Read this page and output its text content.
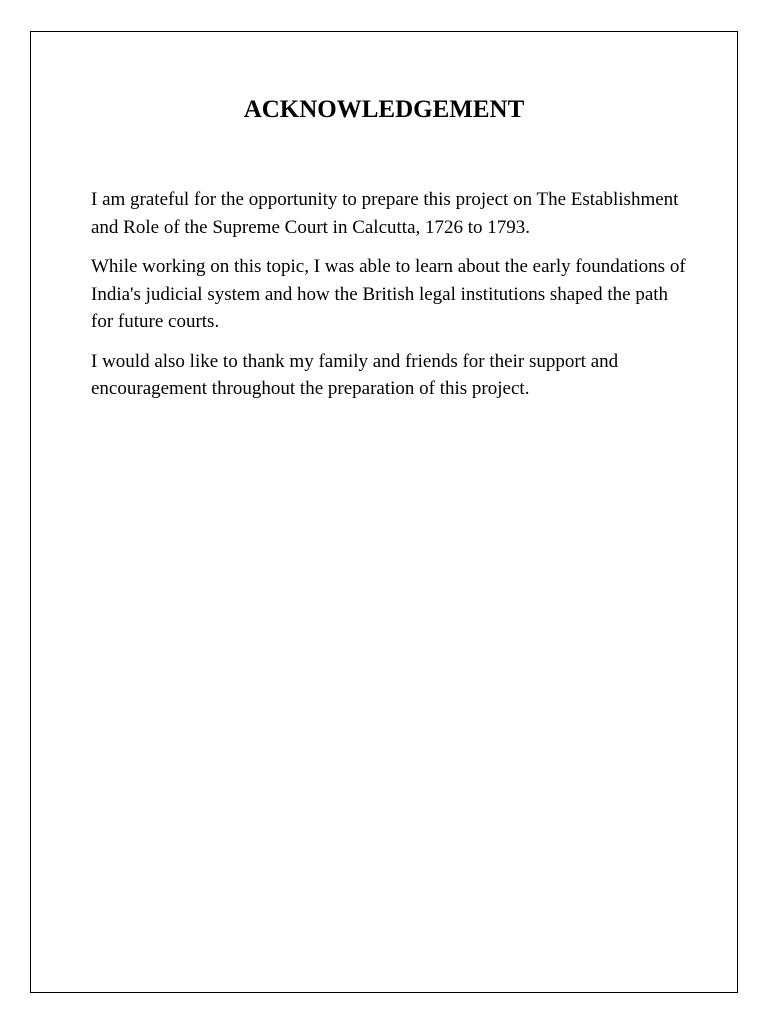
ACKNOWLEDGEMENT

I am grateful for the opportunity to prepare this project on The Establishment and Role of the Supreme Court in Calcutta, 1726 to 1793.

While working on this topic, I was able to learn about the early foundations of India's judicial system and how the British legal institutions shaped the path for future courts.

I would also like to thank my family and friends for their support and encouragement throughout the preparation of this project.
